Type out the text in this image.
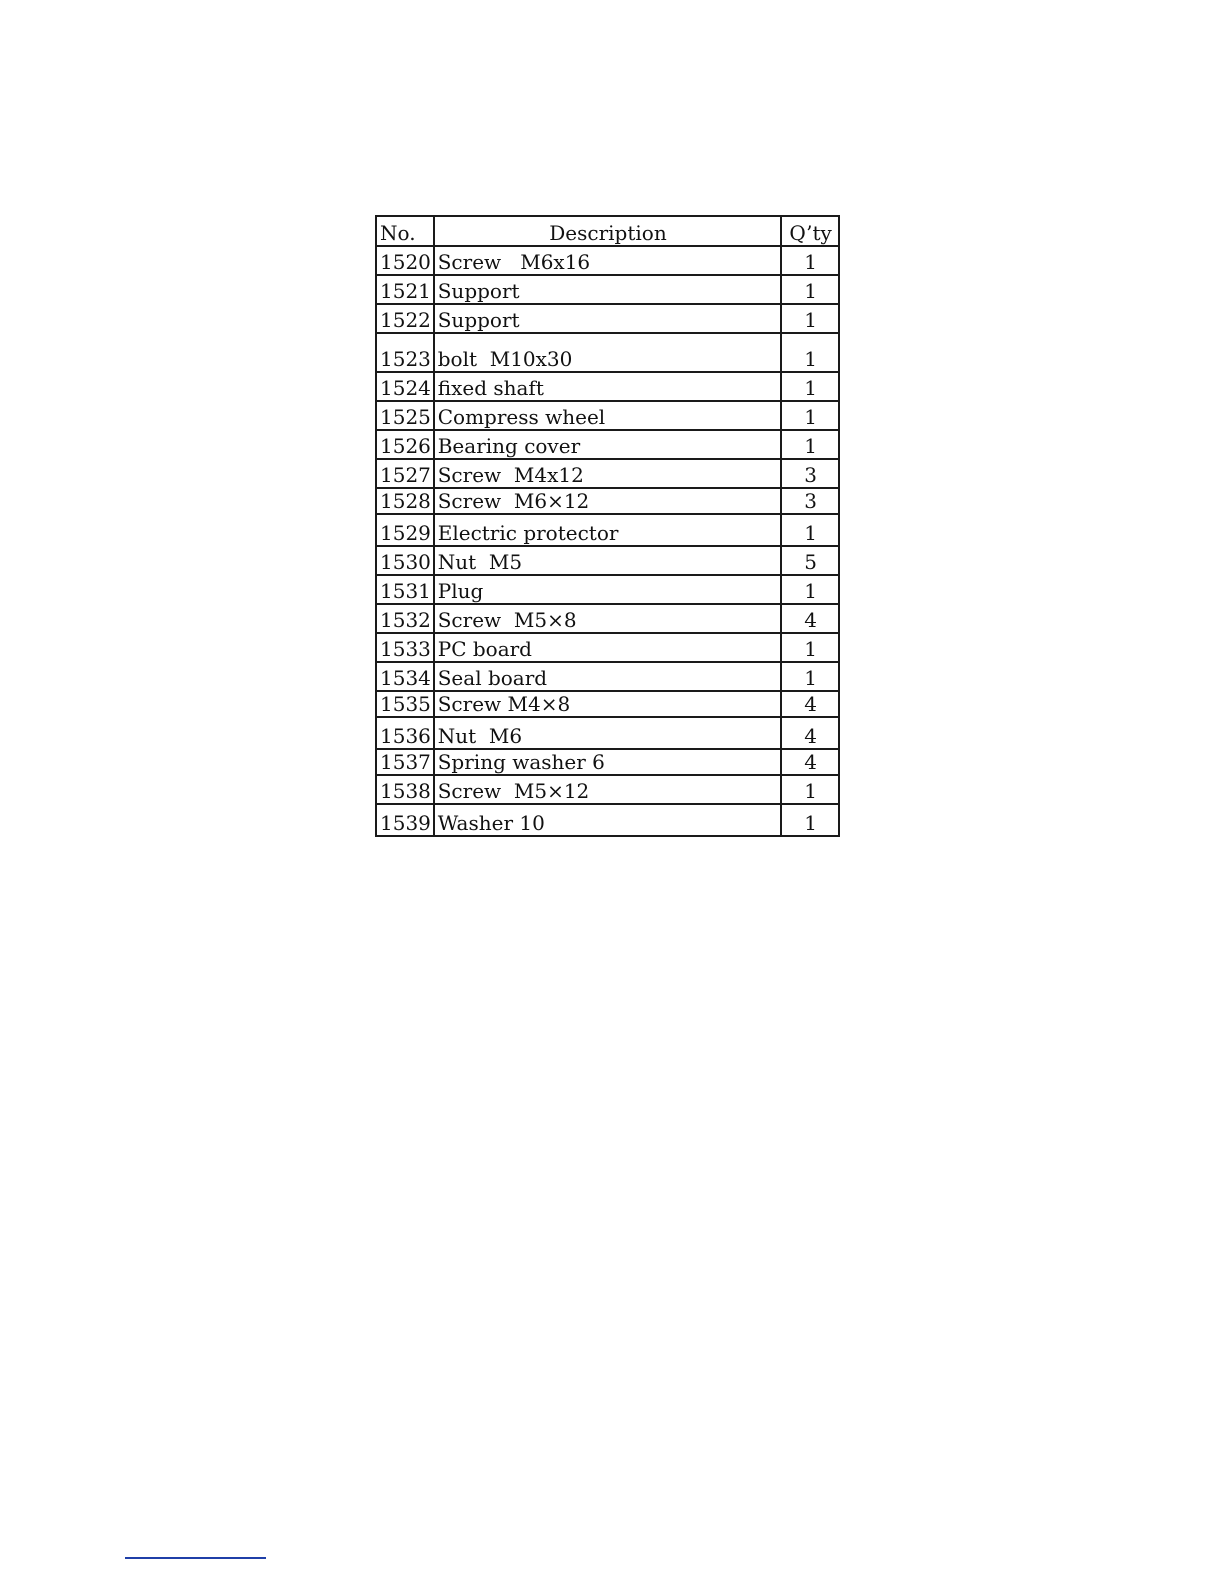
No.	Description	Q’ty
1520	Screw   M6x16	1
1521	Support	1
1522	Support	1
1523	bolt  M10x30	1
1524	fixed shaft	1
1525	Compress wheel	1
1526	Bearing cover	1
1527	Screw  M4x12	3
1528	Screw  M6×12	3
1529	Electric protector	1
1530	Nut  M5	5
1531	Plug	1
1532	Screw  M5×8	4
1533	PC board	1
1534	Seal board	1
1535	Screw M4×8	4
1536	Nut  M6	4
1537	Spring washer 6	4
1538	Screw  M5×12	1
1539	Washer 10	1
